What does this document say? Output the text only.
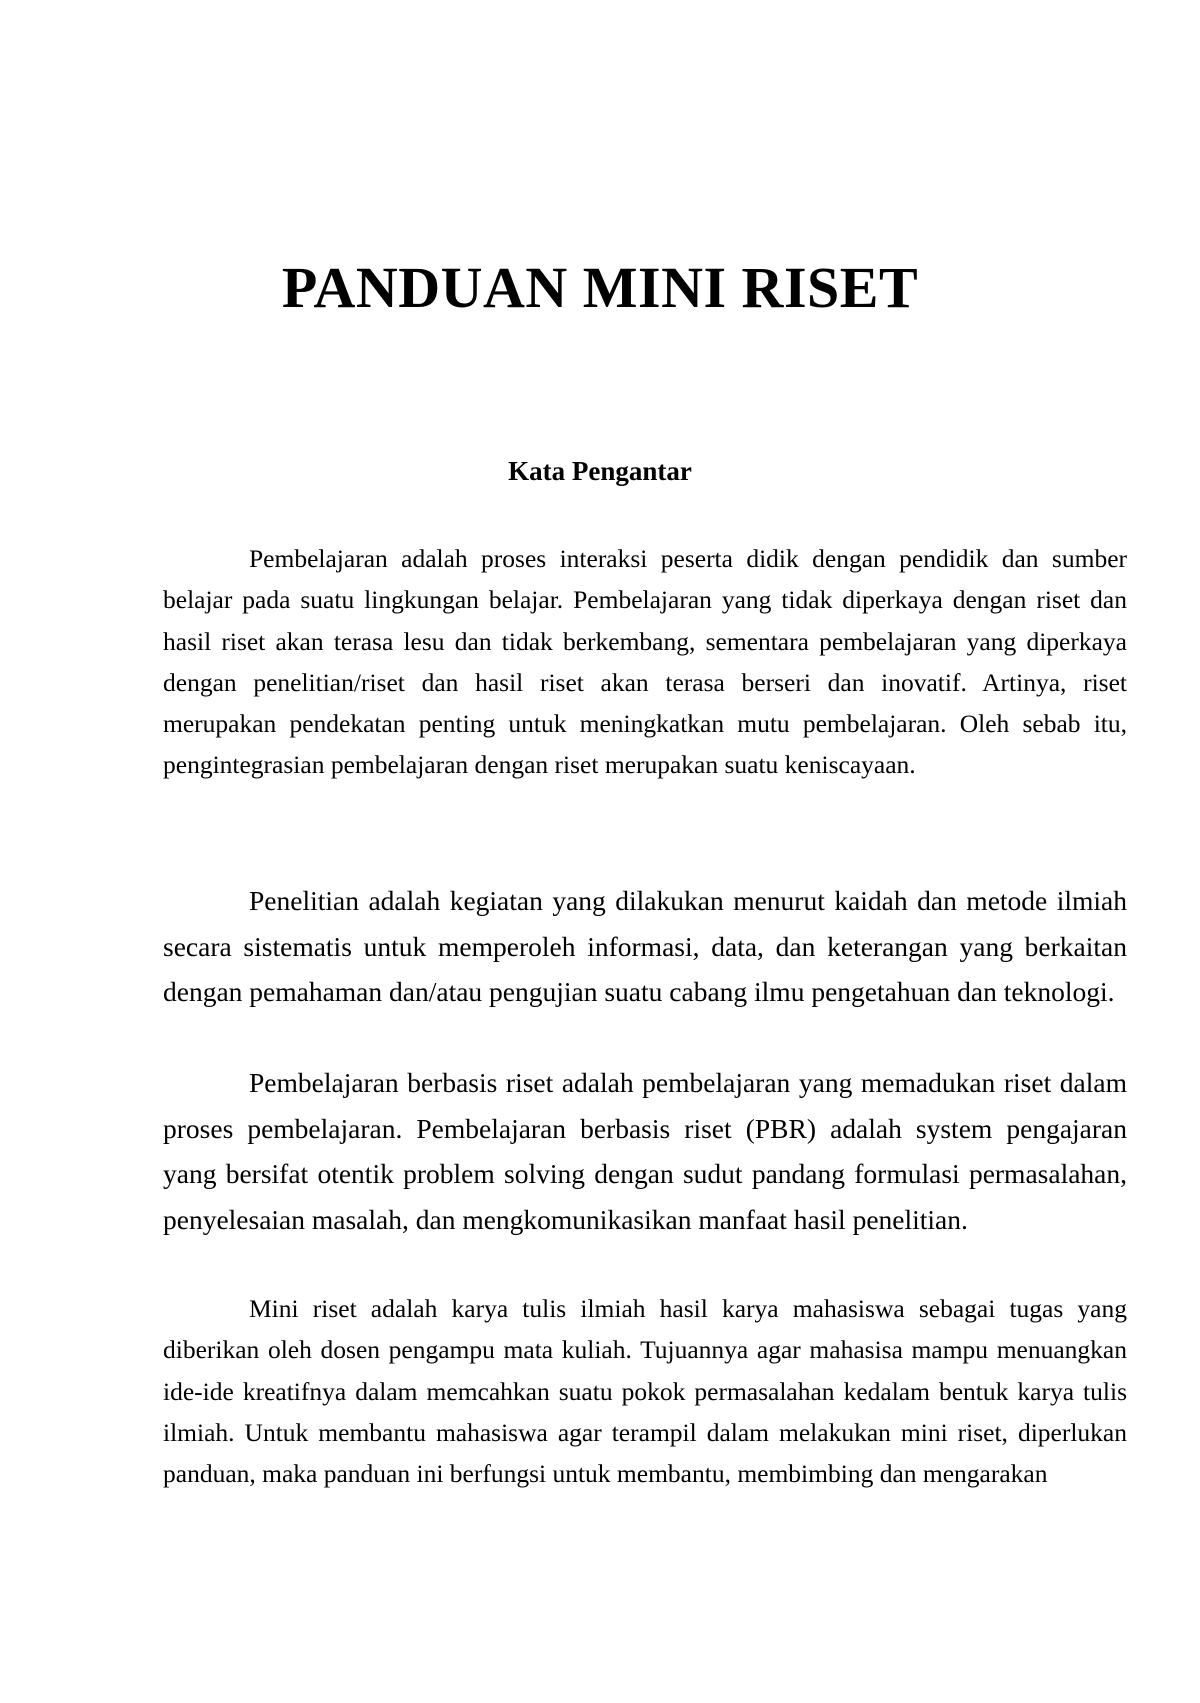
PANDUAN MINI RISET
Kata Pengantar

Pembelajaran adalah proses interaksi peserta didik dengan pendidik dan sumber belajar pada suatu lingkungan belajar. Pembelajaran yang tidak diperkaya dengan riset dan hasil riset akan terasa lesu dan tidak berkembang, sementara pembelajaran yang diperkaya dengan penelitian/riset dan hasil riset akan terasa berseri dan inovatif. Artinya, riset merupakan pendekatan penting untuk meningkatkan mutu pembelajaran. Oleh sebab itu, pengintegrasian pembelajaran dengan riset merupakan suatu keniscayaan.

Penelitian adalah kegiatan yang dilakukan menurut kaidah dan metode ilmiah secara sistematis untuk memperoleh informasi, data, dan keterangan yang berkaitan dengan pemahaman dan/atau pengujian suatu cabang ilmu pengetahuan dan teknologi.

Pembelajaran berbasis riset adalah pembelajaran yang memadukan riset dalam proses pembelajaran. Pembelajaran berbasis riset (PBR) adalah system pengajaran yang bersifat otentik problem solving dengan sudut pandang formulasi permasalahan, penyelesaian masalah, dan mengkomunikasikan manfaat hasil penelitian.

Mini riset adalah karya tulis ilmiah hasil karya mahasiswa sebagai tugas yang diberikan oleh dosen pengampu mata kuliah. Tujuannya agar mahasisa mampu menuangkan ide-ide kreatifnya dalam memcahkan suatu pokok permasalahan kedalam bentuk karya tulis ilmiah. Untuk membantu mahasiswa agar terampil dalam melakukan mini riset, diperlukan panduan, maka panduan ini berfungsi untuk membantu, membimbing dan mengarakan
